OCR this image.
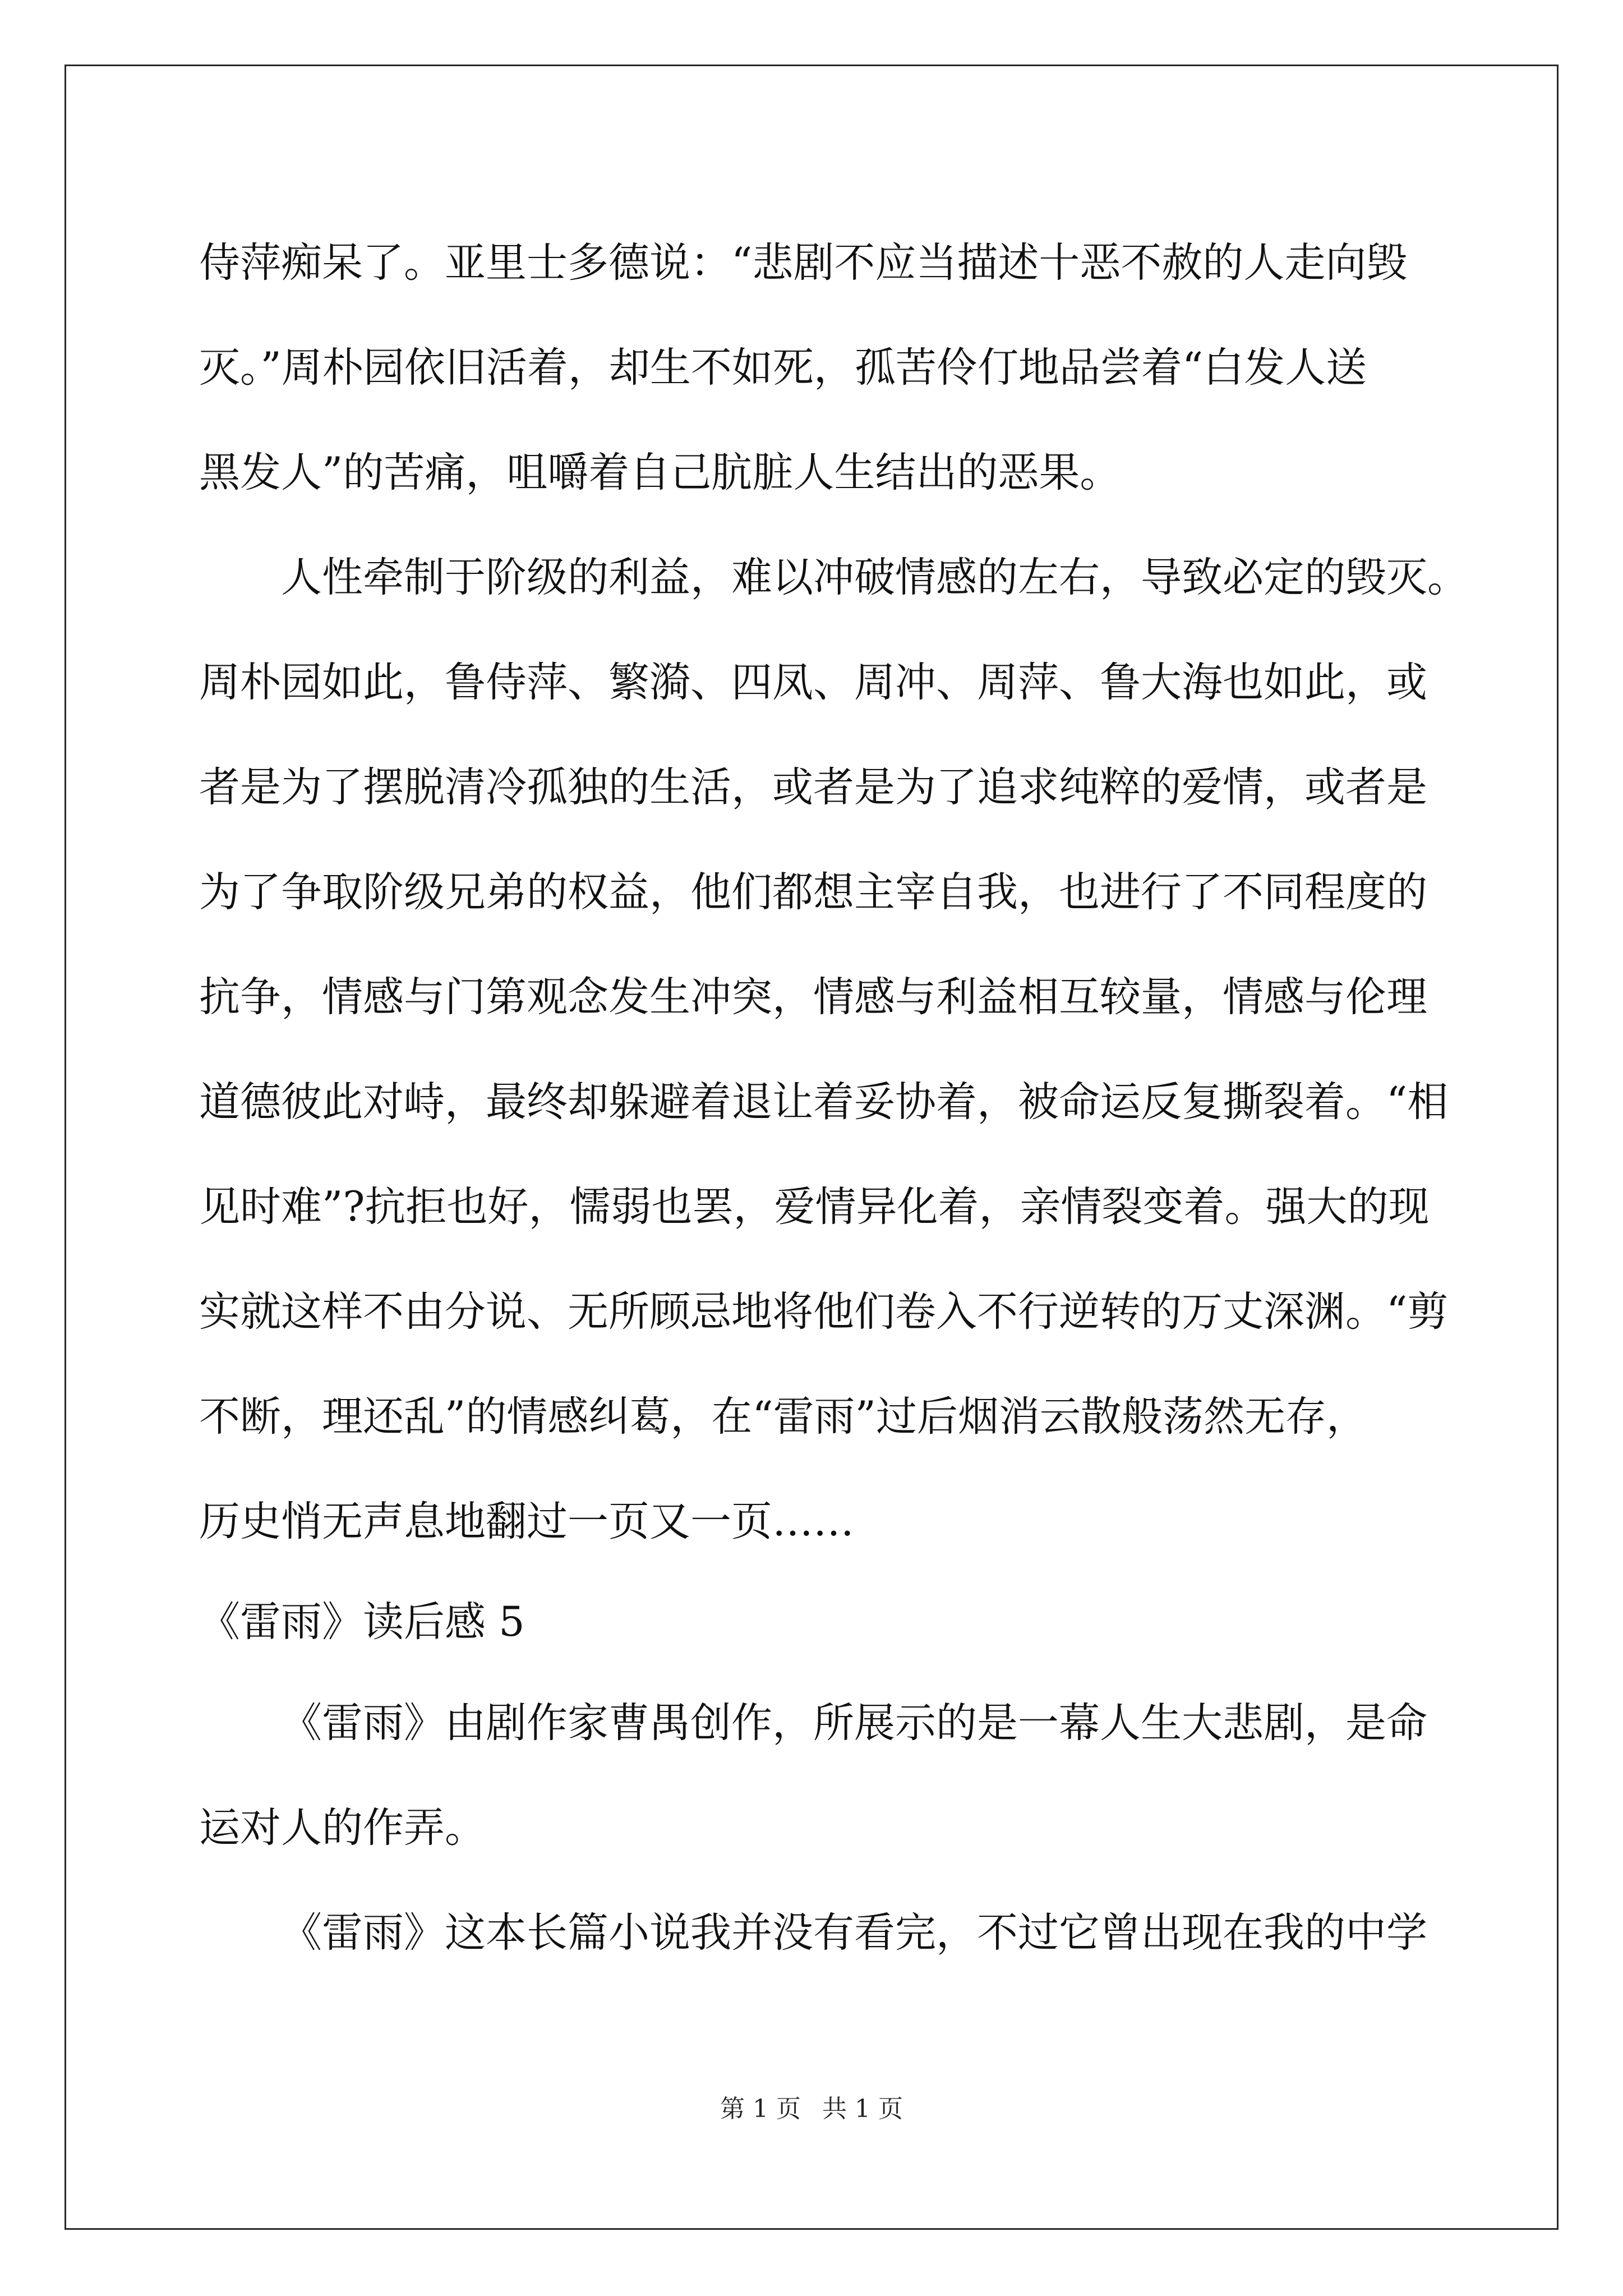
侍萍痴呆了。亚里士多德说：“悲剧不应当描述十恶不赦的人走向毁
灭。”周朴园依旧活着，却生不如死，孤苦伶仃地品尝着“白发人送
黑发人”的苦痛，咀嚼着自己肮脏人生结出的恶果。
人性牵制于阶级的利益，难以冲破情感的左右，导致必定的毁灭。
周朴园如此，鲁侍萍、繁漪、四凤、周冲、周萍、鲁大海也如此，或
者是为了摆脱清冷孤独的生活，或者是为了追求纯粹的爱情，或者是
为了争取阶级兄弟的权益，他们都想主宰自我，也进行了不同程度的
抗争，情感与门第观念发生冲突，情感与利益相互较量，情感与伦理
道德彼此对峙，最终却躲避着退让着妥协着，被命运反复撕裂着。“相
见时难”?抗拒也好，懦弱也罢，爱情异化着，亲情裂变着。强大的现
实就这样不由分说、无所顾忌地将他们卷入不行逆转的万丈深渊。“剪
不断，理还乱”的情感纠葛，在“雷雨”过后烟消云散般荡然无存，
历史悄无声息地翻过一页又一页……
《雷雨》读后感 5
《雷雨》由剧作家曹禺创作，所展示的是一幕人生大悲剧，是命
运对人的作弄。
《雷雨》这本长篇小说我并没有看完，不过它曾出现在我的中学
第 1 页 共 1 页
